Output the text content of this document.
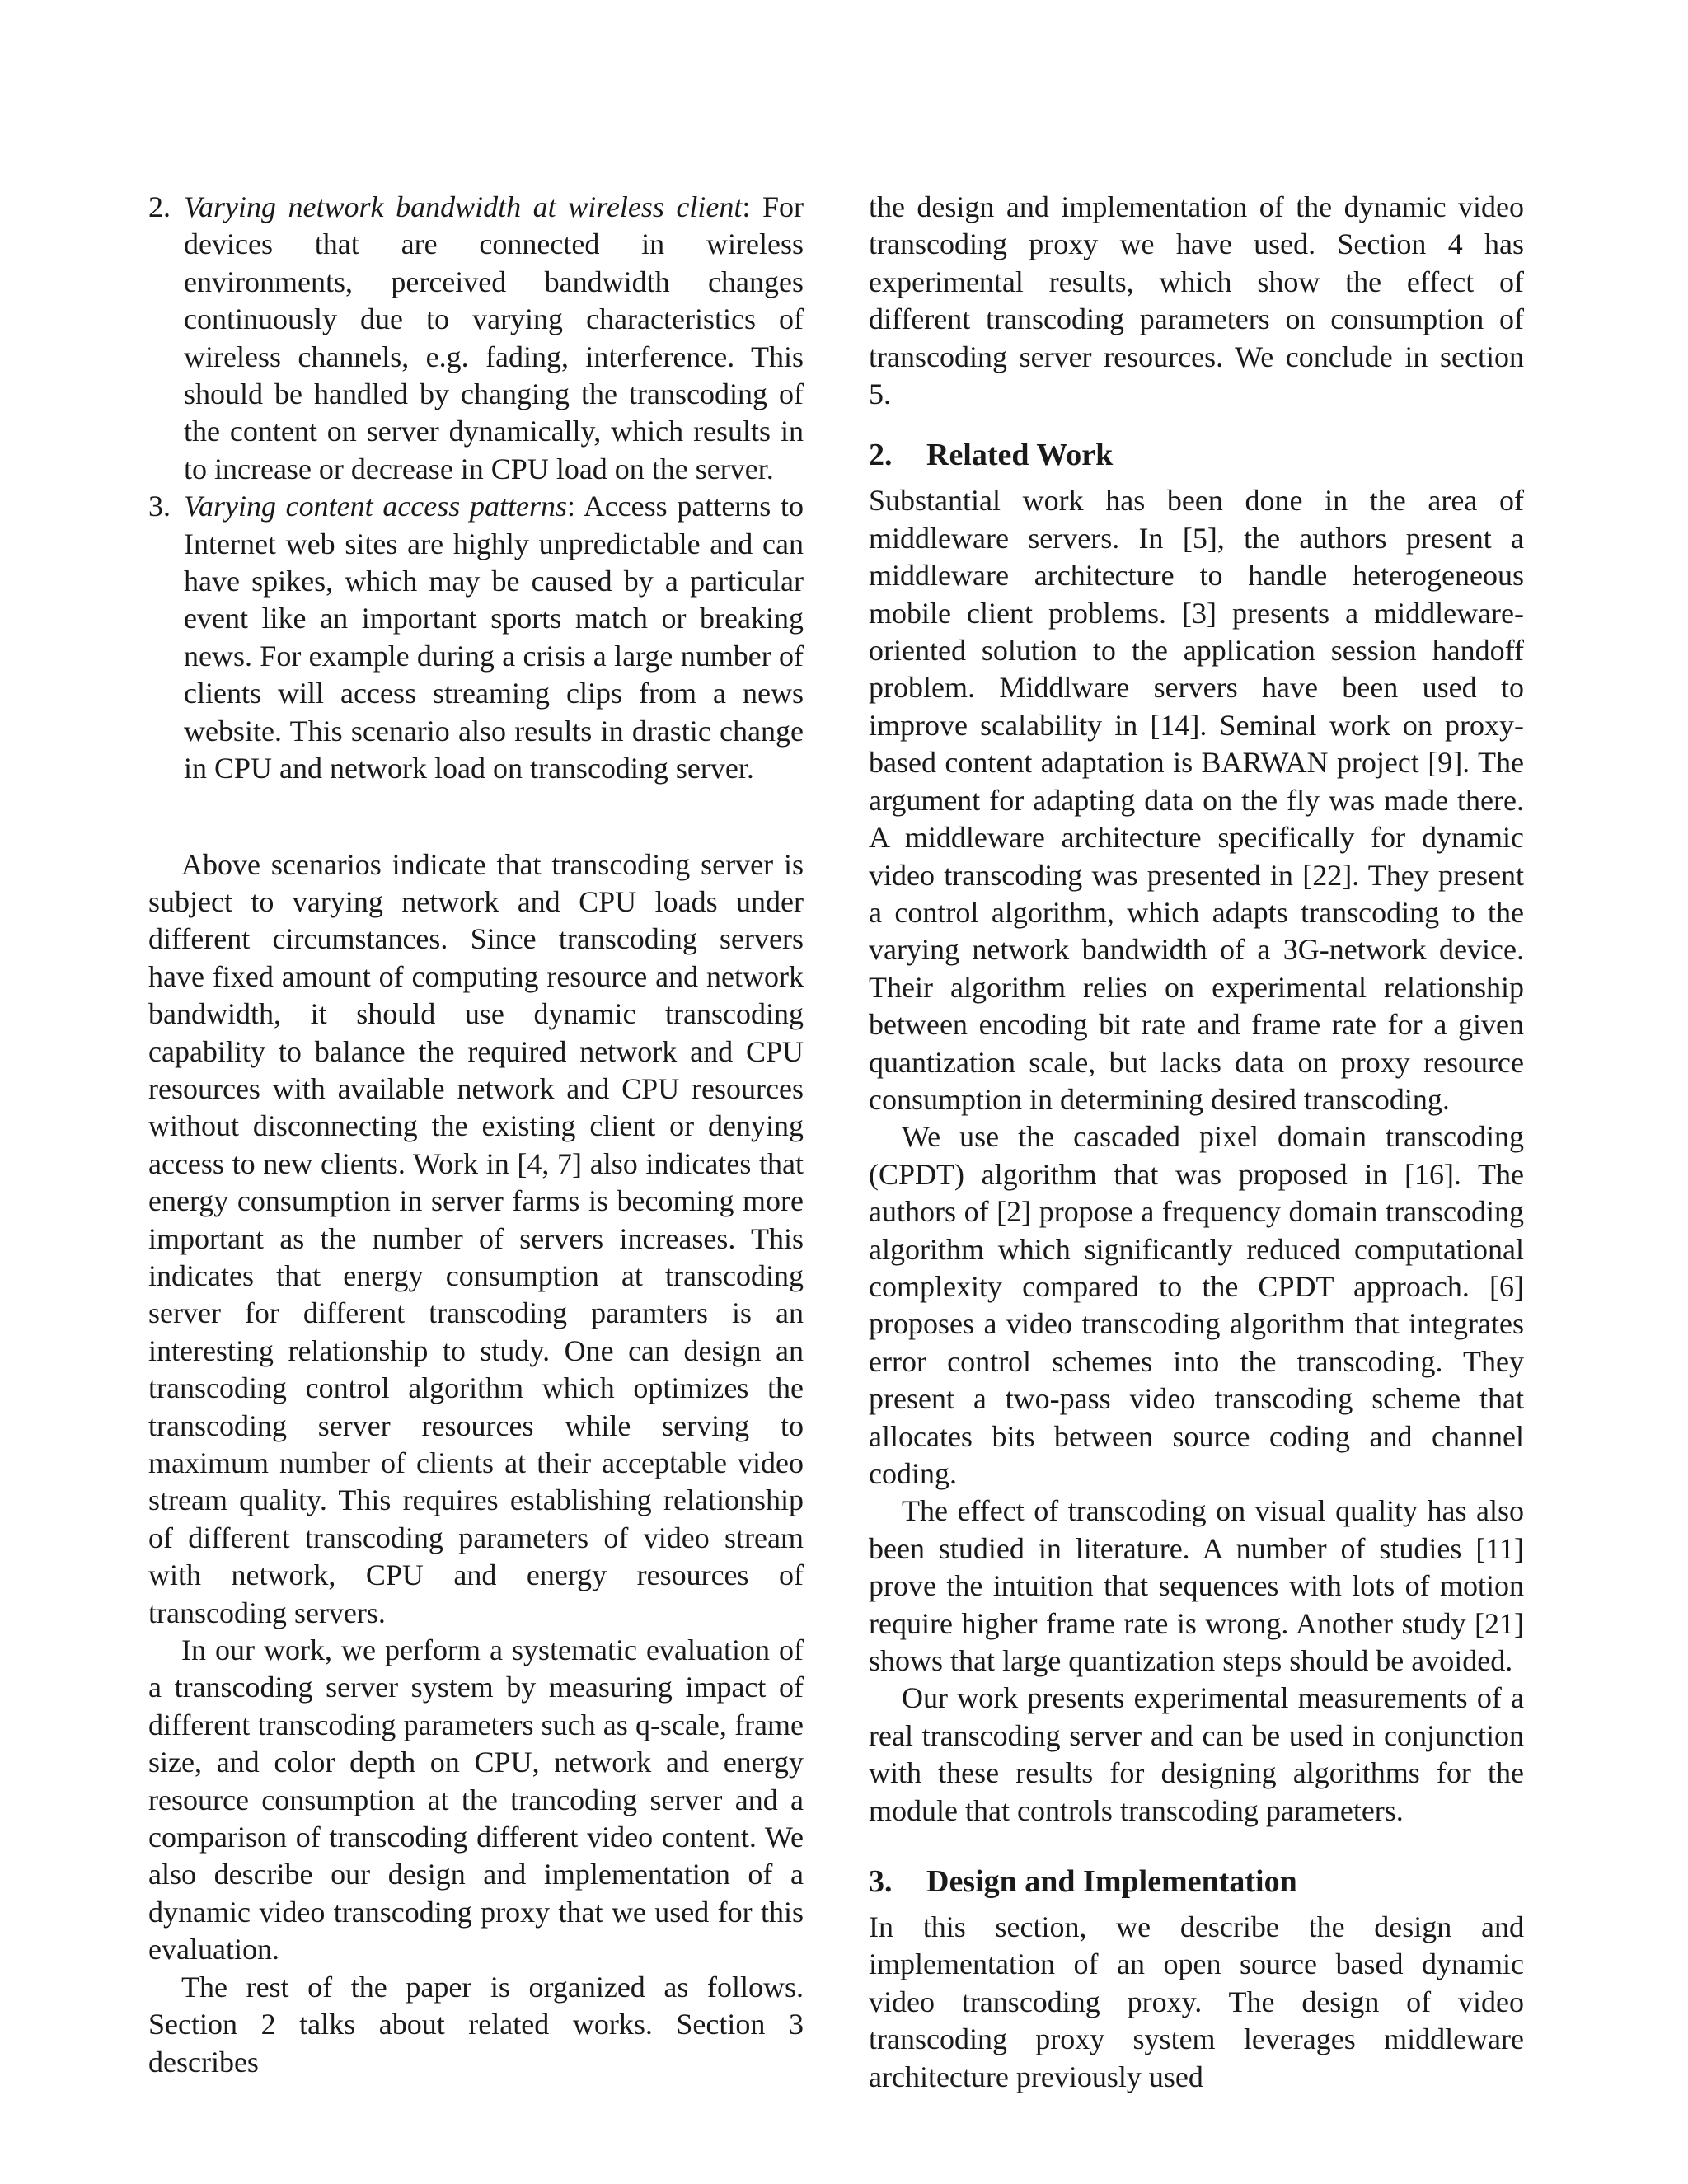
2. Varying network bandwidth at wireless client: For devices that are connected in wireless environments, perceived bandwidth changes continuously due to varying characteristics of wireless channels, e.g. fading, interference. This should be handled by changing the transcoding of the content on server dynamically, which results in to increase or decrease in CPU load on the server.
3. Varying content access patterns: Access patterns to Internet web sites are highly unpredictable and can have spikes, which may be caused by a particular event like an important sports match or breaking news. For example during a crisis a large number of clients will access streaming clips from a news website. This scenario also results in drastic change in CPU and network load on transcoding server.

Above scenarios indicate that transcoding server is subject to varying network and CPU loads under different circumstances. Since transcoding servers have fixed amount of computing resource and network bandwidth, it should use dynamic transcoding capability to balance the required network and CPU resources with available network and CPU resources without disconnecting the existing client or denying access to new clients. Work in [4, 7] also indicates that energy consumption in server farms is becoming more important as the number of servers increases. This indicates that energy consumption at transcoding server for different transcoding paramters is an interesting relationship to study. One can design an transcoding control algorithm which optimizes the transcoding server resources while serving to maximum number of clients at their acceptable video stream quality. This requires establishing relationship of different transcoding parameters of video stream with network, CPU and energy resources of transcoding servers.

In our work, we perform a systematic evaluation of a transcoding server system by measuring impact of different transcoding parameters such as q-scale, frame size, and color depth on CPU, network and energy resource consumption at the trancoding server and a comparison of transcoding different video content. We also describe our design and implementation of a dynamic video transcoding proxy that we used for this evaluation.

The rest of the paper is organized as follows. Section 2 talks about related works. Section 3 describes

the design and implementation of the dynamic video transcoding proxy we have used. Section 4 has experimental results, which show the effect of different transcoding parameters on consumption of transcoding server resources. We conclude in section 5.

2. Related Work

Substantial work has been done in the area of middleware servers. In [5], the authors present a middleware architecture to handle heterogeneous mobile client problems. [3] presents a middleware-oriented solution to the application session handoff problem. Middlware servers have been used to improve scalability in [14]. Seminal work on proxy-based content adaptation is BARWAN project [9]. The argument for adapting data on the fly was made there. A middleware architecture specifically for dynamic video transcoding was presented in [22]. They present a control algorithm, which adapts transcoding to the varying network bandwidth of a 3G-network device. Their algorithm relies on experimental relationship between encoding bit rate and frame rate for a given quantization scale, but lacks data on proxy resource consumption in determining desired transcoding.

We use the cascaded pixel domain transcoding (CPDT) algorithm that was proposed in [16]. The authors of [2] propose a frequency domain transcoding algorithm which significantly reduced computational complexity compared to the CPDT approach. [6] proposes a video transcoding algorithm that integrates error control schemes into the transcoding. They present a two-pass video transcoding scheme that allocates bits between source coding and channel coding.

The effect of transcoding on visual quality has also been studied in literature. A number of studies [11] prove the intuition that sequences with lots of motion require higher frame rate is wrong. Another study [21] shows that large quantization steps should be avoided.

Our work presents experimental measurements of a real transcoding server and can be used in conjunction with these results for designing algorithms for the module that controls transcoding parameters.

3. Design and Implementation

In this section, we describe the design and implementation of an open source based dynamic video transcoding proxy. The design of video transcoding proxy system leverages middleware architecture previously used
